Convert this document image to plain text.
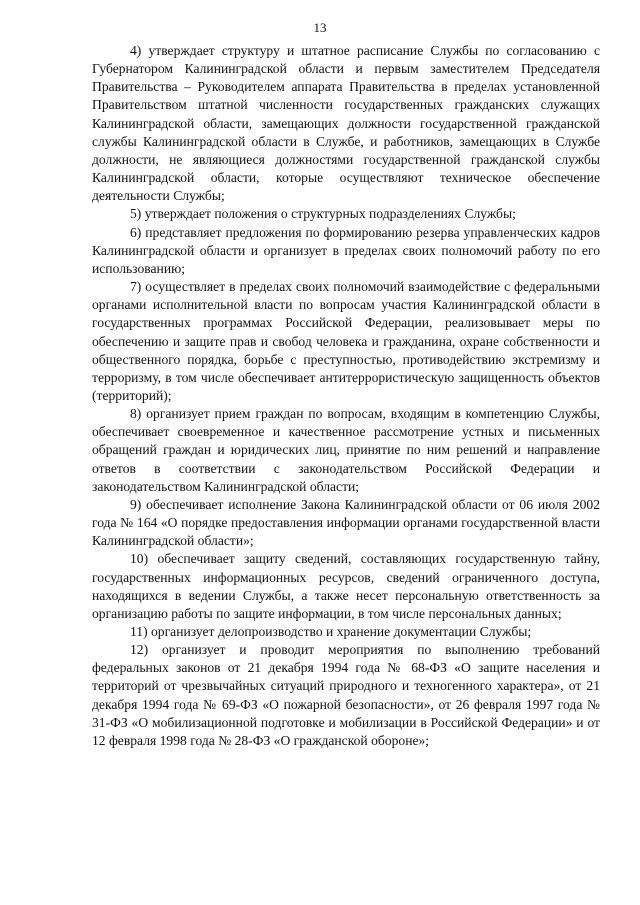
13

4) утверждает структуру и штатное расписание Службы по согласованию с Губернатором Калининградской области и первым заместителем Председателя Правительства – Руководителем аппарата Правительства в пределах установленной Правительством штатной численности государственных гражданских служащих Калининградской области, замещающих должности государственной гражданской службы Калининградской области в Службе, и работников, замещающих в Службе должности, не являющиеся должностями государственной гражданской службы Калининградской области, которые осуществляют техническое обеспечение деятельности Службы;

5) утверждает положения о структурных подразделениях Службы;

6) представляет предложения по формированию резерва управленческих кадров Калининградской области и организует в пределах своих полномочий работу по его использованию;

7) осуществляет в пределах своих полномочий взаимодействие с федеральными органами исполнительной власти по вопросам участия Калининградской области в государственных программах Российской Федерации, реализовывает меры по обеспечению и защите прав и свобод человека и гражданина, охране собственности и общественного порядка, борьбе с преступностью, противодействию экстремизму и терроризму, в том числе обеспечивает антитеррористическую защищенность объектов (территорий);

8) организует прием граждан по вопросам, входящим в компетенцию Службы, обеспечивает своевременное и качественное рассмотрение устных и письменных обращений граждан и юридических лиц, принятие по ним решений и направление ответов в соответствии с законодательством Российской Федерации и законодательством Калининградской области;

9) обеспечивает исполнение Закона Калининградской области от 06 июля 2002 года № 164 «О порядке предоставления информации органами государственной власти Калининградской области»;

10) обеспечивает защиту сведений, составляющих государственную тайну, государственных информационных ресурсов, сведений ограниченного доступа, находящихся в ведении Службы, а также несет персональную ответственность за организацию работы по защите информации, в том числе персональных данных;

11) организует делопроизводство и хранение документации Службы;

12) организует и проводит мероприятия по выполнению требований федеральных законов от 21 декабря 1994 года № 68-ФЗ «О защите населения и территорий от чрезвычайных ситуаций природного и техногенного характера», от 21 декабря 1994 года № 69-ФЗ «О пожарной безопасности», от 26 февраля 1997 года № 31-ФЗ «О мобилизационной подготовке и мобилизации в Российской Федерации» и от 12 февраля 1998 года № 28-ФЗ «О гражданской обороне»;
